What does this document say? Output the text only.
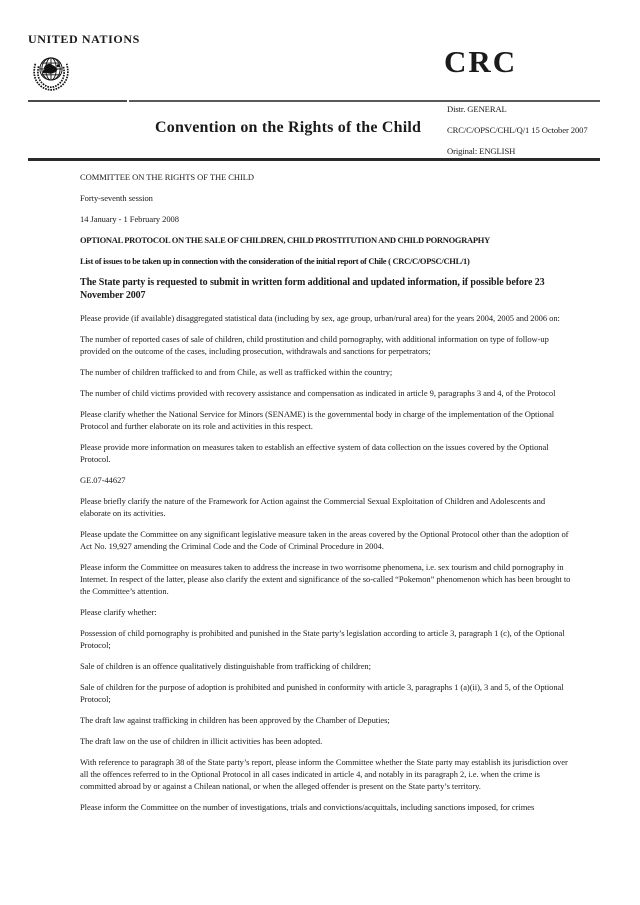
UNITED NATIONS
CRC
Convention on the Rights of the Child
Distr. GENERAL
CRC/C/OPSC/CHL/Q/1 15 October 2007
Original: ENGLISH

COMMITTEE ON THE RIGHTS OF THE CHILD

Forty-seventh session

14 January - 1 February 2008

OPTIONAL PROTOCOL ON THE SALE OF CHILDREN, CHILD PROSTITUTION AND CHILD PORNOGRAPHY

List of issues to be taken up in connection with the consideration of the initial report of Chile ( CRC/C/OPSC/CHL/1)

The State party is requested to submit in written form additional and updated information, if possible before 23 November 2007

Please provide (if available) disaggregated statistical data (including by sex, age group, urban/rural area) for the years 2004, 2005 and 2006 on:

The number of reported cases of sale of children, child prostitution and child pornography, with additional information on type of follow-up provided on the outcome of the cases, including prosecution, withdrawals and sanctions for perpetrators;

The number of children trafficked to and from Chile, as well as trafficked within the country;

The number of child victims provided with recovery assistance and compensation as indicated in article 9, paragraphs 3 and 4, of the Protocol

Please clarify whether the National Service for Minors (SENAME) is the governmental body in charge of the implementation of the Optional Protocol and further elaborate on its role and activities in this respect.

Please provide more information on measures taken to establish an effective system of data collection on the issues covered by the Optional Protocol.

GE.07-44627

Please briefly clarify the nature of the Framework for Action against the Commercial Sexual Exploitation of Children and Adolescents and elaborate on its activities.

Please update the Committee on any significant legislative measure taken in the areas covered by the Optional Protocol other than the adoption of Act No. 19,927 amending the Criminal Code and the Code of Criminal Procedure in 2004.

Please inform the Committee on measures taken to address the increase in two worrisome phenomena, i.e. sex tourism and child pornography in Internet. In respect of the latter, please also clarify the extent and significance of the so-called “Pokemon” phenomenon which has been brought to the Committee’s attention.

Please clarify whether:

Possession of child pornography is prohibited and punished in the State party’s legislation according to article 3, paragraph 1 (c), of the Optional Protocol;

Sale of children is an offence qualitatively distinguishable from trafficking of children;

Sale of children for the purpose of adoption is prohibited and punished in conformity with article 3, paragraphs 1 (a)(ii), 3 and 5, of the Optional Protocol;

The draft law against trafficking in children has been approved by the Chamber of Deputies;

The draft law on the use of children in illicit activities has been adopted.

With reference to paragraph 38 of the State party’s report, please inform the Committee whether the State party may establish its jurisdiction over all the offences referred to in the Optional Protocol in all cases indicated in article 4, and notably in its paragraph 2, i.e. when the crime is committed abroad by or against a Chilean national, or when the alleged offender is present on the State party’s territory.

Please inform the Committee on the number of investigations, trials and convictions/acquittals, including sanctions imposed, for crimes
